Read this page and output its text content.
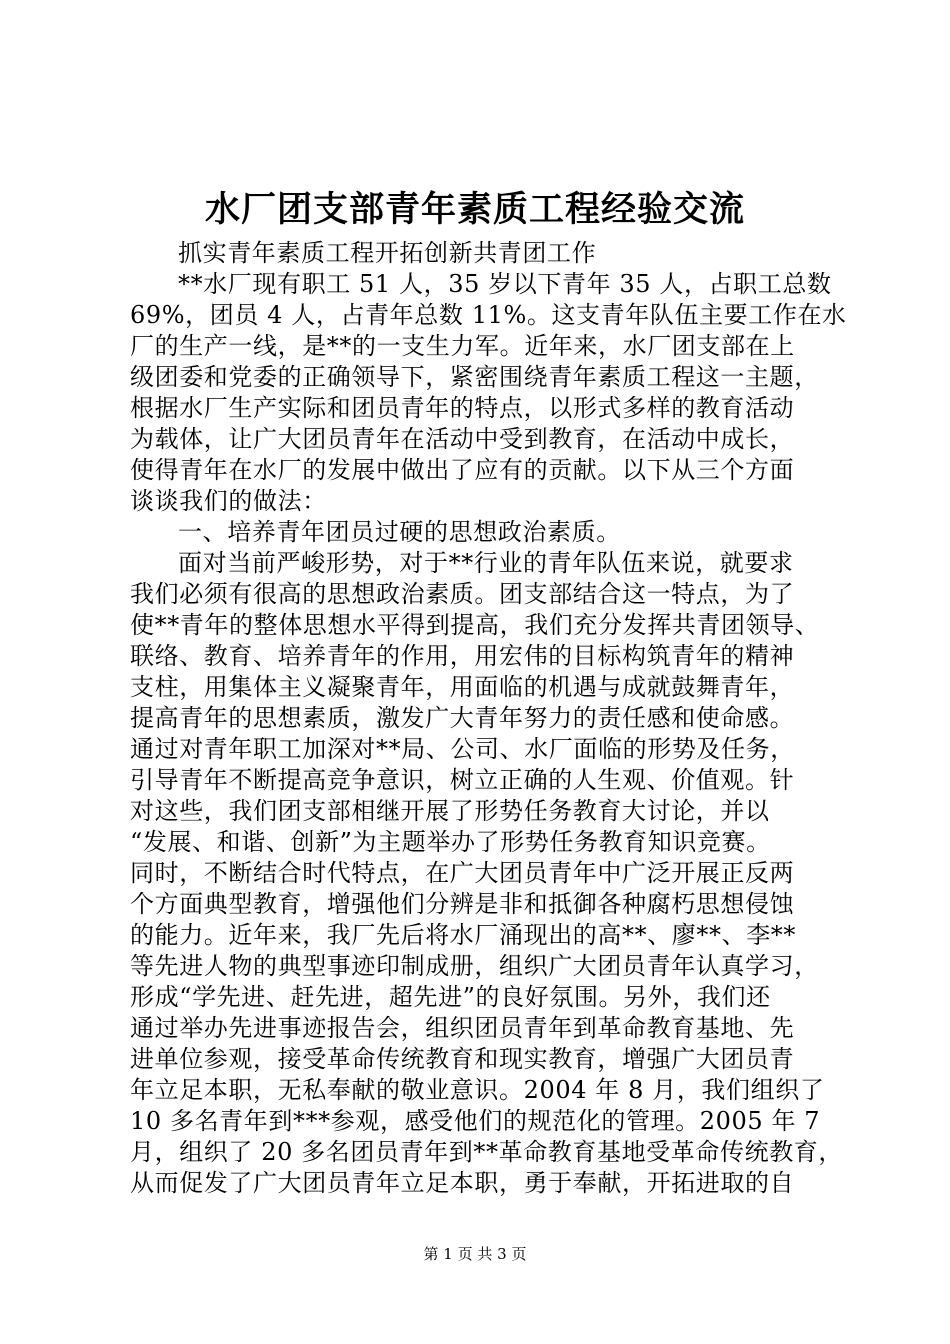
水厂团支部青年素质工程经验交流
抓实青年素质工程开拓创新共青团工作
**水厂现有职工 51 人，35 岁以下青年 35 人，占职工总数
69%，团员 4 人，占青年总数 11%。这支青年队伍主要工作在水
厂的生产一线，是**的一支生力军。近年来，水厂团支部在上
级团委和党委的正确领导下，紧密围绕青年素质工程这一主题，
根据水厂生产实际和团员青年的特点，以形式多样的教育活动
为载体，让广大团员青年在活动中受到教育，在活动中成长，
使得青年在水厂的发展中做出了应有的贡献。以下从三个方面
谈谈我们的做法：
一、培养青年团员过硬的思想政治素质。
面对当前严峻形势，对于**行业的青年队伍来说，就要求
我们必须有很高的思想政治素质。团支部结合这一特点，为了
使**青年的整体思想水平得到提高，我们充分发挥共青团领导、
联络、教育、培养青年的作用，用宏伟的目标构筑青年的精神
支柱，用集体主义凝聚青年，用面临的机遇与成就鼓舞青年，
提高青年的思想素质，激发广大青年努力的责任感和使命感。
通过对青年职工加深对**局、公司、水厂面临的形势及任务，
引导青年不断提高竞争意识，树立正确的人生观、价值观。针
对这些，我们团支部相继开展了形势任务教育大讨论，并以
“发展、和谐、创新”为主题举办了形势任务教育知识竞赛。
同时，不断结合时代特点，在广大团员青年中广泛开展正反两
个方面典型教育，增强他们分辨是非和抵御各种腐朽思想侵蚀
的能力。近年来，我厂先后将水厂涌现出的高**、廖**、李**
等先进人物的典型事迹印制成册，组织广大团员青年认真学习，
形成“学先进、赶先进，超先进”的良好氛围。另外，我们还
通过举办先进事迹报告会，组织团员青年到革命教育基地、先
进单位参观，接受革命传统教育和现实教育，增强广大团员青
年立足本职，无私奉献的敬业意识。2004 年 8 月，我们组织了
10 多名青年到***参观，感受他们的规范化的管理。2005 年 7
月，组织了 20 多名团员青年到**革命教育基地受革命传统教育，
从而促发了广大团员青年立足本职，勇于奉献，开拓进取的自
第 1 页 共 3 页
